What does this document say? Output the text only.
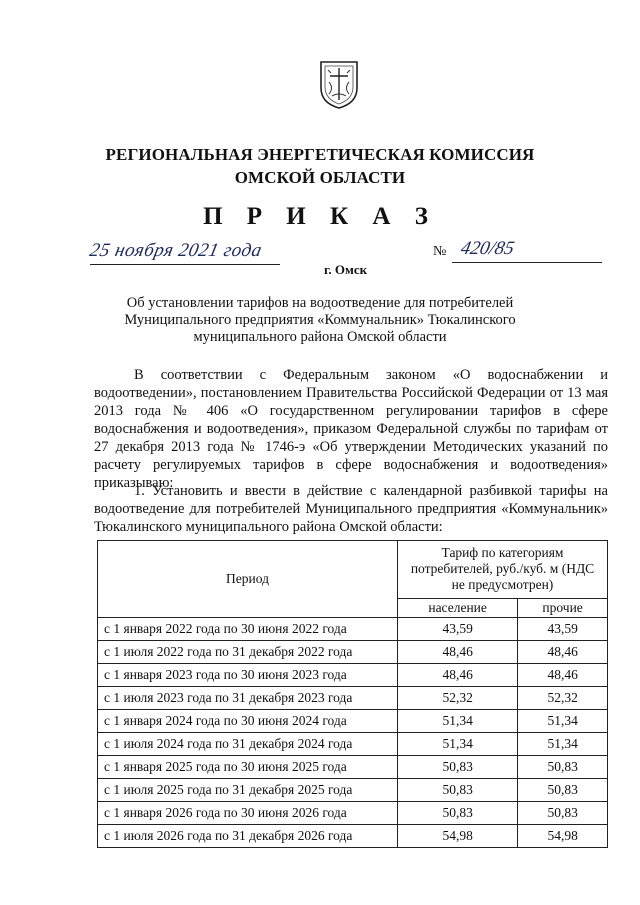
РЕГИОНАЛЬНАЯ ЭНЕРГЕТИЧЕСКАЯ КОМИССИЯ
ОМСКОЙ ОБЛАСТИ
П Р И К А З
25 ноября 2021 года
г. Омск
№ 420/85
Об установлении тарифов на водоотведение для потребителей
Муниципального предприятия «Коммунальник» Тюкалинского
муниципального района Омской области
В соответствии с Федеральным законом «О водоснабжении и водоотведении», постановлением Правительства Российской Федерации от 13 мая 2013 года № 406 «О государственном регулировании тарифов в сфере водоснабжения и водоотведения», приказом Федеральной службы по тарифам от 27 декабря 2013 года № 1746-э «Об утверждении Методических указаний по расчету регулируемых тарифов в сфере водоснабжения и водоотведения» приказываю:
1. Установить и ввести в действие с календарной разбивкой тарифы на водоотведение для потребителей Муниципального предприятия «Коммунальник» Тюкалинского муниципального района Омской области:
Период	Тариф по категориям потребителей, руб./куб. м (НДС не предусмотрен)	
	население	прочие
с 1 января 2022 года по 30 июня 2022 года	43,59	43,59
с 1 июля 2022 года по 31 декабря 2022 года	48,46	48,46
с 1 января 2023 года по 30 июня 2023 года	48,46	48,46
с 1 июля 2023 года по 31 декабря 2023 года	52,32	52,32
с 1 января 2024 года по 30 июня 2024 года	51,34	51,34
с 1 июля 2024 года по 31 декабря 2024 года	51,34	51,34
с 1 января 2025 года по 30 июня 2025 года	50,83	50,83
с 1 июля 2025 года по 31 декабря 2025 года	50,83	50,83
с 1 января 2026 года по 30 июня 2026 года	50,83	50,83
с 1 июля 2026 года по 31 декабря 2026 года	54,98	54,98
